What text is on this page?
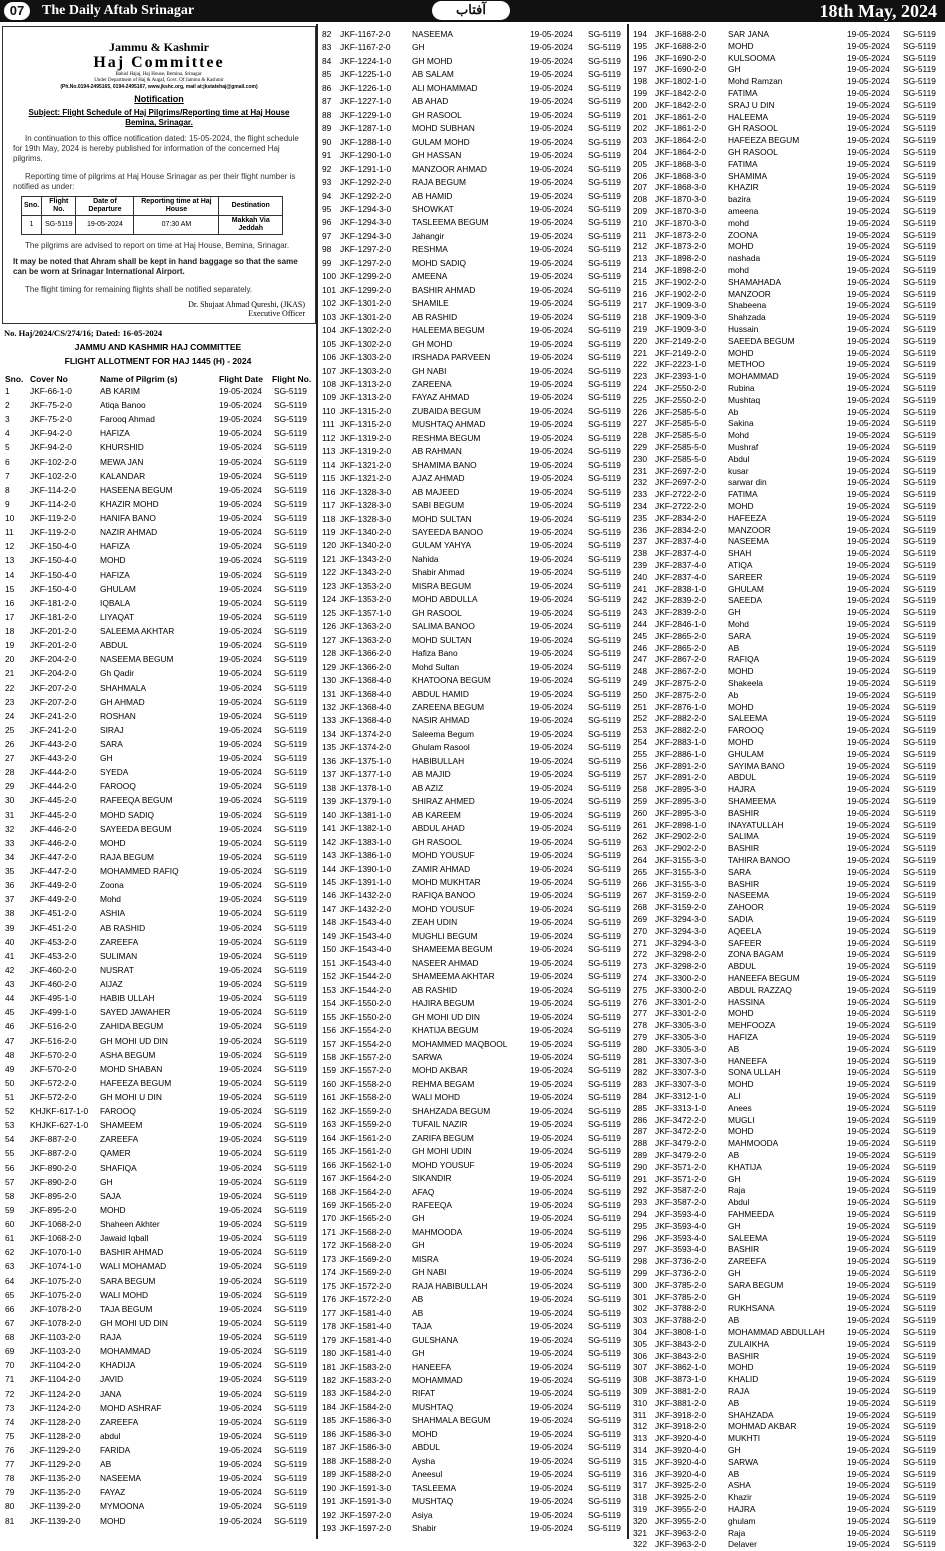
07	The Daily Aftab Srinagar	آفتاب	18th May, 2024
Jammu & Kashmir
Haj Committee
Bahisl Hajaj, Haj House, Bemina, Srinagar.
Under Department of Haj & Augaf, Govt. Of Jammu & Kashmir
(Ph.No.0194-2495165, 0194-2495167, www.jkshc.org, mail at:jkstatehaj@gmail.com)
Notification
Subject: Flight Schedule of Haj Pilgrims/Reporting time at Haj House Bemina, Srinagar.
In continuation to this office notification dated: 15-05-2024, the flight schedule for 19th May, 2024 is hereby published for information of the concerned Haj pilgrims.
Reporting time of pilgrims at Haj House Srinagar as per their flight number is notified as under:
Sno.	Flight No.	Date of Departure	Reporting time at Haj House	Destination
1	SG-5119	19-05-2024	07:30 AM	Makkah Via Jeddah
The pilgrims are advised to report on time at Haj House, Bemina, Srinagar.
It may be noted that Ahram shall be kept in hand baggage so that the same can be worn at Srinagar International Airport.
The flight timing for remaining flights shall be notified separately.
Dr. Shujaat Ahmad Qureshi, (JKAS)
Executive Officer
No. Haj/2024/CS/274/16; Dated: 16-05-2024
JAMMU AND KASHMIR HAJ COMMITTEE
FLIGHT ALLOTMENT FOR HAJ 1445 (H) - 2024
Sno. Cover No	Name of Pilgrim (s)	Flight Date Flight No.
1 JKF-66-1-0	AB KARIM	19-05-2024 SG-5119
2 JKF-75-2-0	Atiqa Banoo	19-05-2024 SG-5119
3 JKF-75-2-0	Farooq Ahmad	19-05-2024 SG-5119
4 JKF-94-2-0	HAFIZA	19-05-2024 SG-5119
5 JKF-94-2-0	KHURSHID	19-05-2024 SG-5119
6 JKF-102-2-0	MEWA JAN	19-05-2024 SG-5119
7 JKF-102-2-0	KALANDAR	19-05-2024 SG-5119
8 JKF-114-2-0	HASEENA BEGUM	19-05-2024 SG-5119
9 JKF-114-2-0	KHAZIR MOHD	19-05-2024 SG-5119
10 JKF-119-2-0	HANIFA BANO	19-05-2024 SG-5119
11 JKF-119-2-0	NAZIR AHMAD	19-05-2024 SG-5119
12 JKF-150-4-0	HAFIZA	19-05-2024 SG-5119
13 JKF-150-4-0	MOHD	19-05-2024 SG-5119
14 JKF-150-4-0	HAFIZA	19-05-2024 SG-5119
15 JKF-150-4-0	GHULAM	19-05-2024 SG-5119
16 JKF-181-2-0	IQBALA	19-05-2024 SG-5119
17 JKF-181-2-0	LIYAQAT	19-05-2024 SG-5119
18 JKF-201-2-0	SALEEMA AKHTAR	19-05-2024 SG-5119
19 JKF-201-2-0	ABDUL	19-05-2024 SG-5119
20 JKF-204-2-0	NASEEMA BEGUM	19-05-2024 SG-5119
21 JKF-204-2-0	Gh Qadir	19-05-2024 SG-5119
22 JKF-207-2-0	SHAHMALA	19-05-2024 SG-5119
23 JKF-207-2-0	GH AHMAD	19-05-2024 SG-5119
24 JKF-241-2-0	ROSHAN	19-05-2024 SG-5119
25 JKF-241-2-0	SIRAJ	19-05-2024 SG-5119
26 JKF-443-2-0	SARA	19-05-2024 SG-5119
27 JKF-443-2-0	GH	19-05-2024 SG-5119
28 JKF-444-2-0	SYEDA	19-05-2024 SG-5119
29 JKF-444-2-0	FAROOQ	19-05-2024 SG-5119
30 JKF-445-2-0	RAFEEQA BEGUM	19-05-2024 SG-5119
31 JKF-445-2-0	MOHD SADIQ	19-05-2024 SG-5119
32 JKF-446-2-0	SAYEEDA BEGUM	19-05-2024 SG-5119
33 JKF-446-2-0	MOHD	19-05-2024 SG-5119
34 JKF-447-2-0	RAJA BEGUM	19-05-2024 SG-5119
35 JKF-447-2-0	MOHAMMED RAFIQ	19-05-2024 SG-5119
36 JKF-449-2-0	Zoona	19-05-2024 SG-5119
37 JKF-449-2-0	Mohd	19-05-2024 SG-5119
38 JKF-451-2-0	ASHIA	19-05-2024 SG-5119
39 JKF-451-2-0	AB RASHID	19-05-2024 SG-5119
40 JKF-453-2-0	ZAREEFA	19-05-2024 SG-5119
41 JKF-453-2-0	SULIMAN	19-05-2024 SG-5119
42 JKF-460-2-0	NUSRAT	19-05-2024 SG-5119
43 JKF-460-2-0	AIJAZ	19-05-2024 SG-5119
44 JKF-495-1-0	HABIB ULLAH	19-05-2024 SG-5119
45 JKF-499-1-0	SAYED JAWAHER	19-05-2024 SG-5119
46 JKF-516-2-0	ZAHIDA BEGUM	19-05-2024 SG-5119
47 JKF-516-2-0	GH MOHI UD DIN	19-05-2024 SG-5119
48 JKF-570-2-0	ASHA BEGUM	19-05-2024 SG-5119
49 JKF-570-2-0	MOHD SHABAN	19-05-2024 SG-5119
50 JKF-572-2-0	HAFEEZA BEGUM	19-05-2024 SG-5119
51 JKF-572-2-0	GH MOHI U DIN	19-05-2024 SG-5119
52 KHJKF-617-1-0 FAROOQ	19-05-2024 SG-5119
53 KHJKF-627-1-0 SHAMEEM	19-05-2024 SG-5119
54 JKF-887-2-0	ZAREEFA	19-05-2024 SG-5119
55 JKF-887-2-0	QAMER	19-05-2024 SG-5119
56 JKF-890-2-0	SHAFIQA	19-05-2024 SG-5119
57 JKF-890-2-0	GH	19-05-2024 SG-5119
58 JKF-895-2-0	SAJA	19-05-2024 SG-5119
59 JKF-895-2-0	MOHD	19-05-2024 SG-5119
60 JKF-1068-2-0 Shaheen Akhter	19-05-2024 SG-5119
61 JKF-1068-2-0 Jawaid Iqball	19-05-2024 SG-5119
62 JKF-1070-1-0 BASHIR AHMAD	19-05-2024 SG-5119
63 JKF-1074-1-0 WALI MOHAMAD	19-05-2024 SG-5119
64 JKF-1075-2-0 SARA BEGUM	19-05-2024 SG-5119
65 JKF-1075-2-0 WALI MOHD	19-05-2024 SG-5119
66 JKF-1078-2-0 TAJA BEGUM	19-05-2024 SG-5119
67 JKF-1078-2-0 GH MOHI UD DIN	19-05-2024 SG-5119
68 JKF-1103-2-0 RAJA	19-05-2024 SG-5119
69 JKF-1103-2-0 MOHAMMAD	19-05-2024 SG-5119
70 JKF-1104-2-0 KHADIJA	19-05-2024 SG-5119
71 JKF-1104-2-0 JAVID	19-05-2024 SG-5119
72 JKF-1124-2-0 JANA	19-05-2024 SG-5119
73 JKF-1124-2-0 MOHD ASHRAF	19-05-2024 SG-5119
74 JKF-1128-2-0 ZAREEFA	19-05-2024 SG-5119
75 JKF-1128-2-0 abdul	19-05-2024 SG-5119
76 JKF-1129-2-0 FARIDA	19-05-2024 SG-5119
77 JKF-1129-2-0 AB	19-05-2024 SG-5119
78 JKF-1135-2-0 NASEEMA	19-05-2024 SG-5119
79 JKF-1135-2-0 FAYAZ	19-05-2024 SG-5119
80 JKF-1139-2-0 MYMOONA	19-05-2024 SG-5119
81 JKF-1139-2-0 MOHD	19-05-2024 SG-5119
82 JKF-1167-2-0	NASEEMA	19-05-2024 SG-5119
83 JKF-1167-2-0	GH	19-05-2024 SG-5119
84 JKF-1224-1-0 GH MOHD	19-05-2024 SG-5119
85 JKF-1225-1-0 AB SALAM	19-05-2024 SG-5119
86 JKF-1226-1-0 ALI MOHAMMAD	19-05-2024 SG-5119
87 JKF-1227-1-0 AB AHAD	19-05-2024 SG-5119
88 JKF-1229-1-0 GH RASOOL	19-05-2024 SG-5119
89 JKF-1287-1-0 MOHD SUBHAN	19-05-2024 SG-5119
90 JKF-1288-1-0 GULAM MOHD	19-05-2024 SG-5119
91 JKF-1290-1-0 GH HASSAN	19-05-2024 SG-5119
92 JKF-1291-1-0 MANZOOR AHMAD	19-05-2024 SG-5119
93 JKF-1292-2-0 RAJA BEGUM	19-05-2024 SG-5119
94 JKF-1292-2-0 AB HAMID	19-05-2024 SG-5119
95 JKF-1294-3-0 SHOWKAT	19-05-2024 SG-5119
96 JKF-1294-3-0 TASLEEMA BEGUM	19-05-2024 SG-5119
97 JKF-1294-3-0 Jahangir	19-05-2024 SG-5119
98 JKF-1297-2-0 RESHMA	19-05-2024 SG-5119
99 JKF-1297-2-0 MOHD SADIQ	19-05-2024 SG-5119
100 JKF-1299-2-0 AMEENA	19-05-2024 SG-5119
101 JKF-1299-2-0 BASHIR AHMAD	19-05-2024 SG-5119
102 JKF-1301-2-0 SHAMILE	19-05-2024 SG-5119
103 JKF-1301-2-0 AB RASHID	19-05-2024 SG-5119
104 JKF-1302-2-0 HALEEMA BEGUM	19-05-2024 SG-5119
105 JKF-1302-2-0 GH MOHD	19-05-2024 SG-5119
106 JKF-1303-2-0 IRSHADA PARVEEN	19-05-2024 SG-5119
107 JKF-1303-2-0 GH NABI	19-05-2024 SG-5119
108 JKF-1313-2-0 ZAREENA	19-05-2024 SG-5119
109 JKF-1313-2-0 FAYAZ AHMAD	19-05-2024 SG-5119
110 JKF-1315-2-0 ZUBAIDA BEGUM	19-05-2024 SG-5119
111 JKF-1315-2-0 MUSHTAQ AHMAD	19-05-2024 SG-5119
112 JKF-1319-2-0 RESHMA BEGUM	19-05-2024 SG-5119
113 JKF-1319-2-0 AB RAHMAN	19-05-2024 SG-5119
114 JKF-1321-2-0 SHAMIMA BANO	19-05-2024 SG-5119
115 JKF-1321-2-0 AJAZ AHMAD	19-05-2024 SG-5119
116 JKF-1328-3-0 AB MAJEED	19-05-2024 SG-5119
117 JKF-1328-3-0 SABI BEGUM	19-05-2024 SG-5119
118 JKF-1328-3-0 MOHD SULTAN	19-05-2024 SG-5119
119 JKF-1340-2-0 SAYEEDA BANOO	19-05-2024 SG-5119
120 JKF-1340-2-0 GULAM YAHYA	19-05-2024 SG-5119
121 JKF-1343-2-0 Nahida	19-05-2024 SG-5119
122 JKF-1343-2-0 Shabir Ahmad	19-05-2024 SG-5119
123 JKF-1353-2-0 MISRA BEGUM	19-05-2024 SG-5119
124 JKF-1353-2-0 MOHD ABDULLA	19-05-2024 SG-5119
125 JKF-1357-1-0 GH RASOOL	19-05-2024 SG-5119
126 JKF-1363-2-0 SALIMA BANOO	19-05-2024 SG-5119
127 JKF-1363-2-0 MOHD SULTAN	19-05-2024 SG-5119
128 JKF-1366-2-0 Hafiza Bano	19-05-2024 SG-5119
129 JKF-1366-2-0 Mohd Sultan	19-05-2024 SG-5119
130 JKF-1368-4-0 KHATOONA BEGUM	19-05-2024 SG-5119
131 JKF-1368-4-0 ABDUL HAMID	19-05-2024 SG-5119
132 JKF-1368-4-0 ZAREENA BEGUM	19-05-2024 SG-5119
133 JKF-1368-4-0 NASIR AHMAD	19-05-2024 SG-5119
134 JKF-1374-2-0 Saleema Begum	19-05-2024 SG-5119
135 JKF-1374-2-0 Ghulam Rasool	19-05-2024 SG-5119
136 JKF-1375-1-0 HABIBULLAH	19-05-2024 SG-5119
137 JKF-1377-1-0 AB MAJID	19-05-2024 SG-5119
138 JKF-1378-1-0 AB AZIZ	19-05-2024 SG-5119
139 JKF-1379-1-0 SHIRAZ AHMED	19-05-2024 SG-5119
140 JKF-1381-1-0 AB KAREEM	19-05-2024 SG-5119
141 JKF-1382-1-0 ABDUL AHAD	19-05-2024 SG-5119
142 JKF-1383-1-0 GH RASOOL	19-05-2024 SG-5119
143 JKF-1386-1-0 MOHD YOUSUF	19-05-2024 SG-5119
144 JKF-1390-1-0 ZAMIR AHMAD	19-05-2024 SG-5119
145 JKF-1391-1-0 MOHD MUKHTAR	19-05-2024 SG-5119
146 JKF-1432-2-0 RAFIQA BANOO	19-05-2024 SG-5119
147 JKF-1432-2-0 MOHD YOUSUF	19-05-2024 SG-5119
148 JKF-1543-4-0 ZEAH UDIN	19-05-2024 SG-5119
149 JKF-1543-4-0 MUGHLI BEGUM	19-05-2024 SG-5119
150 JKF-1543-4-0 SHAMEEMA BEGUM	19-05-2024 SG-5119
151 JKF-1543-4-0 NASEER AHMAD	19-05-2024 SG-5119
152 JKF-1544-2-0 SHAMEEMA AKHTAR	19-05-2024 SG-5119
153 JKF-1544-2-0 AB RASHID	19-05-2024 SG-5119
154 JKF-1550-2-0 HAJIRA BEGUM	19-05-2024 SG-5119
155 JKF-1550-2-0 GH MOHI UD DIN	19-05-2024 SG-5119
156 JKF-1554-2-0 KHATIJA BEGUM	19-05-2024 SG-5119
157 JKF-1554-2-0 MOHAMMED MAQBOOL	19-05-2024 SG-5119
158 JKF-1557-2-0 SARWA	19-05-2024 SG-5119
159 JKF-1557-2-0 MOHD AKBAR	19-05-2024 SG-5119
160 JKF-1558-2-0 REHMA BEGAM	19-05-2024 SG-5119
161 JKF-1558-2-0 WALI MOHD	19-05-2024 SG-5119
162 JKF-1559-2-0 SHAHZADA BEGUM	19-05-2024 SG-5119
163 JKF-1559-2-0 TUFAIL NAZIR	19-05-2024 SG-5119
164 JKF-1561-2-0 ZARIFA BEGUM	19-05-2024 SG-5119
165 JKF-1561-2-0 GH MOHI UDIN	19-05-2024 SG-5119
166 JKF-1562-1-0 MOHD YOUSUF	19-05-2024 SG-5119
167 JKF-1564-2-0 SIKANDIR	19-05-2024 SG-5119
168 JKF-1564-2-0 AFAQ	19-05-2024 SG-5119
169 JKF-1565-2-0 RAFEEQA	19-05-2024 SG-5119
170 JKF-1565-2-0 GH	19-05-2024 SG-5119
171 JKF-1568-2-0 MAHMOODA	19-05-2024 SG-5119
172 JKF-1568-2-0 GH	19-05-2024 SG-5119
173 JKF-1569-2-0 MISRA	19-05-2024 SG-5119
174 JKF-1569-2-0 GH NABI	19-05-2024 SG-5119
175 JKF-1572-2-0 RAJA HABIBULLAH	19-05-2024 SG-5119
176 JKF-1572-2-0 AB	19-05-2024 SG-5119
177 JKF-1581-4-0 AB	19-05-2024 SG-5119
178 JKF-1581-4-0 TAJA	19-05-2024 SG-5119
179 JKF-1581-4-0 GULSHANA	19-05-2024 SG-5119
180 JKF-1581-4-0 GH	19-05-2024 SG-5119
181 JKF-1583-2-0 HANEEFA	19-05-2024 SG-5119
182 JKF-1583-2-0 MOHAMMAD	19-05-2024 SG-5119
183 JKF-1584-2-0 RIFAT	19-05-2024 SG-5119
184 JKF-1584-2-0 MUSHTAQ	19-05-2024 SG-5119
185 JKF-1586-3-0 SHAHMALA BEGUM	19-05-2024 SG-5119
186 JKF-1586-3-0 MOHD	19-05-2024 SG-5119
187 JKF-1586-3-0 ABDUL	19-05-2024 SG-5119
188 JKF-1588-2-0 Aysha	19-05-2024 SG-5119
189 JKF-1588-2-0 Aneesul	19-05-2024 SG-5119
190 JKF-1591-3-0 TASLEEMA	19-05-2024 SG-5119
191 JKF-1591-3-0 MUSHTAQ	19-05-2024 SG-5119
192 JKF-1597-2-0 Asiya	19-05-2024 SG-5119
193 JKF-1597-2-0 Shabir	19-05-2024 SG-5119
194 JKF-1688-2-0	SAR JANA	19-05-2024 SG-5119
195 JKF-1688-2-0	MOHD	19-05-2024 SG-5119
196 JKF-1690-2-0	KULSOOMA	19-05-2024 SG-5119
197 JKF-1690-2-0	GH	19-05-2024 SG-5119
198 JKF-1802-1-0	Mohd Ramzan	19-05-2024 SG-5119
199 JKF-1842-2-0	FATIMA	19-05-2024 SG-5119
200 JKF-1842-2-0	SRAJ U DIN	19-05-2024 SG-5119
201 JKF-1861-2-0	HALEEMA	19-05-2024 SG-5119
202 JKF-1861-2-0	GH RASOOL	19-05-2024 SG-5119
203 JKF-1864-2-0	HAFEEZA BEGUM	19-05-2024 SG-5119
204 JKF-1864-2-0	GH RASOOL	19-05-2024 SG-5119
205 JKF-1868-3-0	FATIMA	19-05-2024 SG-5119
206 JKF-1868-3-0	SHAMIMA	19-05-2024 SG-5119
207 JKF-1868-3-0	KHAZIR	19-05-2024 SG-5119
208 JKF-1870-3-0	bazira	19-05-2024 SG-5119
209 JKF-1870-3-0	ameena	19-05-2024 SG-5119
210 JKF-1870-3-0	mohd	19-05-2024 SG-5119
211 JKF-1873-2-0	ZOONA	19-05-2024 SG-5119
212 JKF-1873-2-0	MOHD	19-05-2024 SG-5119
213 JKF-1898-2-0	nashada	19-05-2024 SG-5119
214 JKF-1898-2-0	mohd	19-05-2024 SG-5119
215 JKF-1902-2-0	SHAMAHADA	19-05-2024 SG-5119
216 JKF-1902-2-0	MANZOOR	19-05-2024 SG-5119
217 JKF-1909-3-0	Shabeena	19-05-2024 SG-5119
218 JKF-1909-3-0	Shahzada	19-05-2024 SG-5119
219 JKF-1909-3-0	Hussain	19-05-2024 SG-5119
220 JKF-2149-2-0	SAEEDA BEGUM	19-05-2024 SG-5119
221 JKF-2149-2-0	MOHD	19-05-2024 SG-5119
222 JKF-2223-1-0	METHOO	19-05-2024 SG-5119
223 JKF-2393-1-0	MOHAMMAD	19-05-2024 SG-5119
224 JKF-2550-2-0	Rubina	19-05-2024 SG-5119
225 JKF-2550-2-0	Mushtaq	19-05-2024 SG-5119
226 JKF-2585-5-0	Ab	19-05-2024 SG-5119
227 JKF-2585-5-0	Sakina	19-05-2024 SG-5119
228 JKF-2585-5-0	Mohd	19-05-2024 SG-5119
229 JKF-2585-5-0	Mushraf	19-05-2024 SG-5119
230 JKF-2585-5-0	Abdul	19-05-2024 SG-5119
231 JKF-2697-2-0	kusar	19-05-2024 SG-5119
232 JKF-2697-2-0	sarwar din	19-05-2024 SG-5119
233 JKF-2722-2-0	FATIMA	19-05-2024 SG-5119
234 JKF-2722-2-0	MOHD	19-05-2024 SG-5119
235 JKF-2834-2-0	HAFEEZA	19-05-2024 SG-5119
236 JKF-2834-2-0	MANZOOR	19-05-2024 SG-5119
237 JKF-2837-4-0	NASEEMA	19-05-2024 SG-5119
238 JKF-2837-4-0	SHAH	19-05-2024 SG-5119
239 JKF-2837-4-0	ATIQA	19-05-2024 SG-5119
240 JKF-2837-4-0	SAREER	19-05-2024 SG-5119
241 JKF-2838-1-0	GHULAM	19-05-2024 SG-5119
242 JKF-2839-2-0	SAEEDA	19-05-2024 SG-5119
243 JKF-2839-2-0	GH	19-05-2024 SG-5119
244 JKF-2846-1-0	Mohd	19-05-2024 SG-5119
245 JKF-2865-2-0	SARA	19-05-2024 SG-5119
246 JKF-2865-2-0	AB	19-05-2024 SG-5119
247 JKF-2867-2-0	RAFIQA	19-05-2024 SG-5119
248 JKF-2867-2-0	MOHD	19-05-2024 SG-5119
249 JKF-2875-2-0	Shakeela	19-05-2024 SG-5119
250 JKF-2875-2-0	Ab	19-05-2024 SG-5119
251 JKF-2876-1-0	MOHD	19-05-2024 SG-5119
252 JKF-2882-2-0	SALEEMA	19-05-2024 SG-5119
253 JKF-2882-2-0	FAROOQ	19-05-2024 SG-5119
254 JKF-2883-1-0	MOHD	19-05-2024 SG-5119
255 JKF-2886-1-0	GHULAM	19-05-2024 SG-5119
256 JKF-2891-2-0	SAYIMA BANO	19-05-2024 SG-5119
257 JKF-2891-2-0	ABDUL	19-05-2024 SG-5119
258 JKF-2895-3-0	HAJRA	19-05-2024 SG-5119
259 JKF-2895-3-0	SHAMEEMA	19-05-2024 SG-5119
260 JKF-2895-3-0	BASHIR	19-05-2024 SG-5119
261 JKF-2898-1-0	INAYATULLAH	19-05-2024 SG-5119
262 JKF-2902-2-0	SALIMA	19-05-2024 SG-5119
263 JKF-2902-2-0	BASHIR	19-05-2024 SG-5119
264 JKF-3155-3-0	TAHIRA BANOO	19-05-2024 SG-5119
265 JKF-3155-3-0	SARA	19-05-2024 SG-5119
266 JKF-3155-3-0	BASHIR	19-05-2024 SG-5119
267 JKF-3159-2-0	NASEEMA	19-05-2024 SG-5119
268 JKF-3159-2-0	ZAHOOR	19-05-2024 SG-5119
269 JKF-3294-3-0	SADIA	19-05-2024 SG-5119
270 JKF-3294-3-0	AQEELA	19-05-2024 SG-5119
271 JKF-3294-3-0	SAFEER	19-05-2024 SG-5119
272 JKF-3298-2-0	ZONA BAGAM	19-05-2024 SG-5119
273 JKF-3298-2-0	ABDUL	19-05-2024 SG-5119
274 JKF-3300-2-0	HANEEFA BEGUM	19-05-2024 SG-5119
275 JKF-3300-2-0	ABDUL RAZZAQ	19-05-2024 SG-5119
276 JKF-3301-2-0	HASSINA	19-05-2024 SG-5119
277 JKF-3301-2-0	MOHD	19-05-2024 SG-5119
278 JKF-3305-3-0	MEHFOOZA	19-05-2024 SG-5119
279 JKF-3305-3-0	HAFIZA	19-05-2024 SG-5119
280 JKF-3305-3-0	AB	19-05-2024 SG-5119
281 JKF-3307-3-0	HANEEFA	19-05-2024 SG-5119
282 JKF-3307-3-0	SONA ULLAH	19-05-2024 SG-5119
283 JKF-3307-3-0	MOHD	19-05-2024 SG-5119
284 JKF-3312-1-0	ALI	19-05-2024 SG-5119
285 JKF-3313-1-0	Anees	19-05-2024 SG-5119
286 JKF-3472-2-0	MUGLI	19-05-2024 SG-5119
287 JKF-3472-2-0	MOHD	19-05-2024 SG-5119
288 JKF-3479-2-0	MAHMOODA	19-05-2024 SG-5119
289 JKF-3479-2-0	AB	19-05-2024 SG-5119
290 JKF-3571-2-0	KHATIJA	19-05-2024 SG-5119
291 JKF-3571-2-0	GH	19-05-2024 SG-5119
292 JKF-3587-2-0	Raja	19-05-2024 SG-5119
293 JKF-3587-2-0	Abdul	19-05-2024 SG-5119
294 JKF-3593-4-0	FAHMEEDA	19-05-2024 SG-5119
295 JKF-3593-4-0	GH	19-05-2024 SG-5119
296 JKF-3593-4-0	SALEEMA	19-05-2024 SG-5119
297 JKF-3593-4-0	BASHIR	19-05-2024 SG-5119
298 JKF-3736-2-0	ZAREEFA	19-05-2024 SG-5119
299 JKF-3736-2-0	GH	19-05-2024 SG-5119
300 JKF-3785-2-0	SARA BEGUM	19-05-2024 SG-5119
301 JKF-3785-2-0	GH	19-05-2024 SG-5119
302 JKF-3788-2-0	RUKHSANA	19-05-2024 SG-5119
303 JKF-3788-2-0	AB	19-05-2024 SG-5119
304 JKF-3808-1-0	MOHAMMAD ABDULLAH	19-05-2024 SG-5119
305 JKF-3843-2-0	ZULAIKHA	19-05-2024 SG-5119
306 JKF-3843-2-0	BASHIR	19-05-2024 SG-5119
307 JKF-3862-1-0	MOHD	19-05-2024 SG-5119
308 JKF-3873-1-0	KHALID	19-05-2024 SG-5119
309 JKF-3881-2-0	RAJA	19-05-2024 SG-5119
310 JKF-3881-2-0	AB	19-05-2024 SG-5119
311 JKF-3918-2-0	SHAHZADA	19-05-2024 SG-5119
312 JKF-3918-2-0	MOHMAD AKBAR	19-05-2024 SG-5119
313 JKF-3920-4-0	MUKHTI	19-05-2024 SG-5119
314 JKF-3920-4-0	GH	19-05-2024 SG-5119
315 JKF-3920-4-0	SARWA	19-05-2024 SG-5119
316 JKF-3920-4-0	AB	19-05-2024 SG-5119
317 JKF-3925-2-0	ASHA	19-05-2024 SG-5119
318 JKF-3925-2-0	Khazir	19-05-2024 SG-5119
319 JKF-3955-2-0	HAJRA	19-05-2024 SG-5119
320 JKF-3955-2-0	ghulam	19-05-2024 SG-5119
321 JKF-3963-2-0	Raja	19-05-2024 SG-5119
322 JKF-3963-2-0	Delaver	19-05-2024 SG-5119
